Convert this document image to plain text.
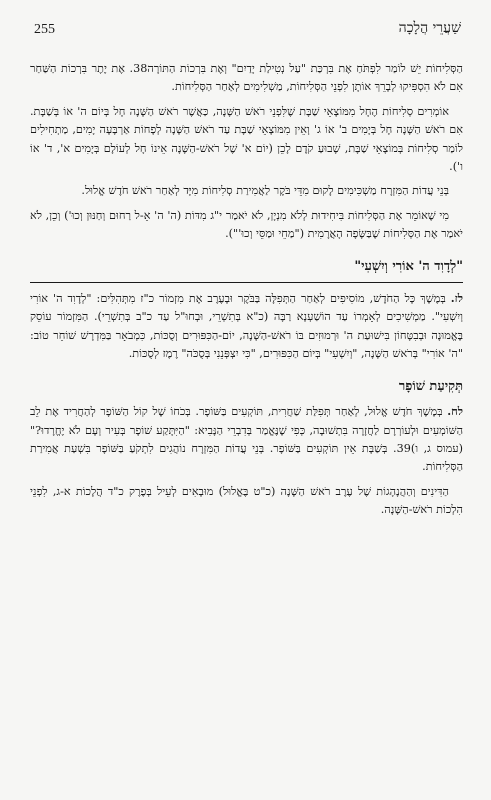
255	שַׁעֲרֵי הֲלָכָה

הַסְּלִיחוֹת יֵשׁ לוֹמַר לִפְתֹּחַ אֶת בִּרְכַּת "עַל נְטִילַת יָדַיִם" וְאֶת בִּרְכוֹת הַתּוֹרָה38. אֶת יֶתֶר בִּרְכוֹת הַשַּׁחַר אִם לֹא הִסְפִּיקוּ לְבָרֵךְ אוֹתָן לִפְנֵי הַסְּלִיחוֹת, מַשְׁלִימִים לְאַחַר הַסְּלִיחוֹת.

אוֹמְרִים סְלִיחוֹת הֶחָל מִמּוֹצָאֵי שַׁבָּת שֶׁלִּפְנֵי רֹאשׁ הַשָּׁנָה, כַּאֲשֶׁר רֹאשׁ הַשָּׁנָה חָל בְּיוֹם ה' אוֹ בְּשַׁבָּת. אִם רֹאשׁ הַשָּׁנָה חָל בְּיָמִים ב' אוֹ ג' וְאֵין מִמּוֹצָאֵי שַׁבָּת עַד רֹאשׁ הַשָּׁנָה לְפָחוֹת אַרְבָּעָה יָמִים, מַתְחִילִים לוֹמַר סְלִיחוֹת בְּמוֹצָאֵי שַׁבָּת, שָׁבוּעַ קֹדֶם לָכֵן (יוֹם א' שֶׁל רֹאשׁ-הַשָּׁנָה אֵינוֹ חָל לְעוֹלָם בְּיָמִים א', ד' אוֹ ו').

בְּנֵי עֲדוֹת הַמִּזְרָח מַשְׁכִּימִים לָקוּם מִדֵּי בֹּקֶר לַאֲמִירַת סְלִיחוֹת מִיָּד לְאַחַר רֹאשׁ חֹדֶשׁ אֱלוּל.

מִי שֶׁאוֹמֵר אֶת הַסְּלִיחוֹת בִּיחִידוּת לְלֹא מִנְיָן, לֹא יֹאמַר י"ג מִדּוֹת (ה' ה' אֵ-ל רַחוּם וְחַנּוּן וְכוּ') וְכֵן, לֹא יֹאמַר אֶת הַסְּלִיחוֹת שֶׁבַּשָּׂפָה הָאֲרָמִית ("מַחֵי וּמַסֵּי וְכוּ'").

"לְדָוִד ה' אוֹרִי וְיִשְׁעִי"

לז. בְּמֶשֶׁךְ כָּל הַחֹדֶשׁ, מוֹסִיפִים לְאַחַר הַתְּפִלָּה בַּבֹּקֶר וּבָעֶרֶב אֶת מִזְמוֹר כ"ז מִתְּהִלִּים: "לְדָוִד ה' אוֹרִי וְיִשְׁעִי". מַמְשִׁיכִים לְאָמְרוֹ עַד הוֹשַׁעְנָא רַבָּה (כ"א בְּתִשְׁרֵי, וּבְחוּ"ל עַד כ"ב בְּתִשְׁרֵי). הַמִּזְמוֹר עוֹסֵק בֶּאֱמוּנָה וּבְבִטָּחוֹן בִּישׁוּעַת ה' וּרְמוּזִים בּוֹ רֹאשׁ-הַשָּׁנָה, יוֹם-הַכִּפּוּרִים וְסֻכּוֹת, כִּמְבֹאָר בַּמִּדְרָשׁ שׁוֹחֵר טוֹב: "ה' אוֹרִי" בְּרֹאשׁ הַשָּׁנָה, "וְיִשְׁעִי" בְּיוֹם הַכִּפּוּרִים, "כִּי יִצְפְּנֵנִי בְּסֻכֹּה" רֶמֶז לְסֻכּוֹת.

תְּקִיעַת שׁוֹפָר

לח. בְּמֶשֶׁךְ חֹדֶשׁ אֱלוּל, לְאַחַר תְּפִלַּת שַׁחֲרִית, תּוֹקְעִים בַּשּׁוֹפָר. בְּכֹחוֹ שֶׁל קוֹל הַשּׁוֹפָר לְהַחֲרִיד אֶת לֵב הַשּׁוֹמְעִים וּלְעוֹרְרָם לַחֲזָרָה בִּתְשׁוּבָה, כְּפִי שֶׁנֶּאֱמַר בְּדִבְרֵי הַנָּבִיא: "הַיִּתָּקַע שׁוֹפָר בְּעִיר וְעָם לֹא יֶחֱרָדוּ?" (עמוס ג, ו)39. בְּשַׁבָּת אֵין תּוֹקְעִים בַּשּׁוֹפָר. בְּנֵי עֲדוֹת הַמִּזְרָח נוֹהֲגִים לִתְקֹעַ בַּשּׁוֹפָר בִּשְׁעַת אֲמִירַת הַסְּלִיחוֹת.

הַדִּינִים וְהַהֲנָהָגוֹת שֶׁל עֶרֶב רֹאשׁ הַשָּׁנָה (כ"ט בֶּאֱלוּל) מוּבָאִים לְעֵיל בְּפֶרֶק כ"ד הֲלָכוֹת א-ג, לִפְנֵי הִלְכוֹת רֹאשׁ-הַשָּׁנָה.
